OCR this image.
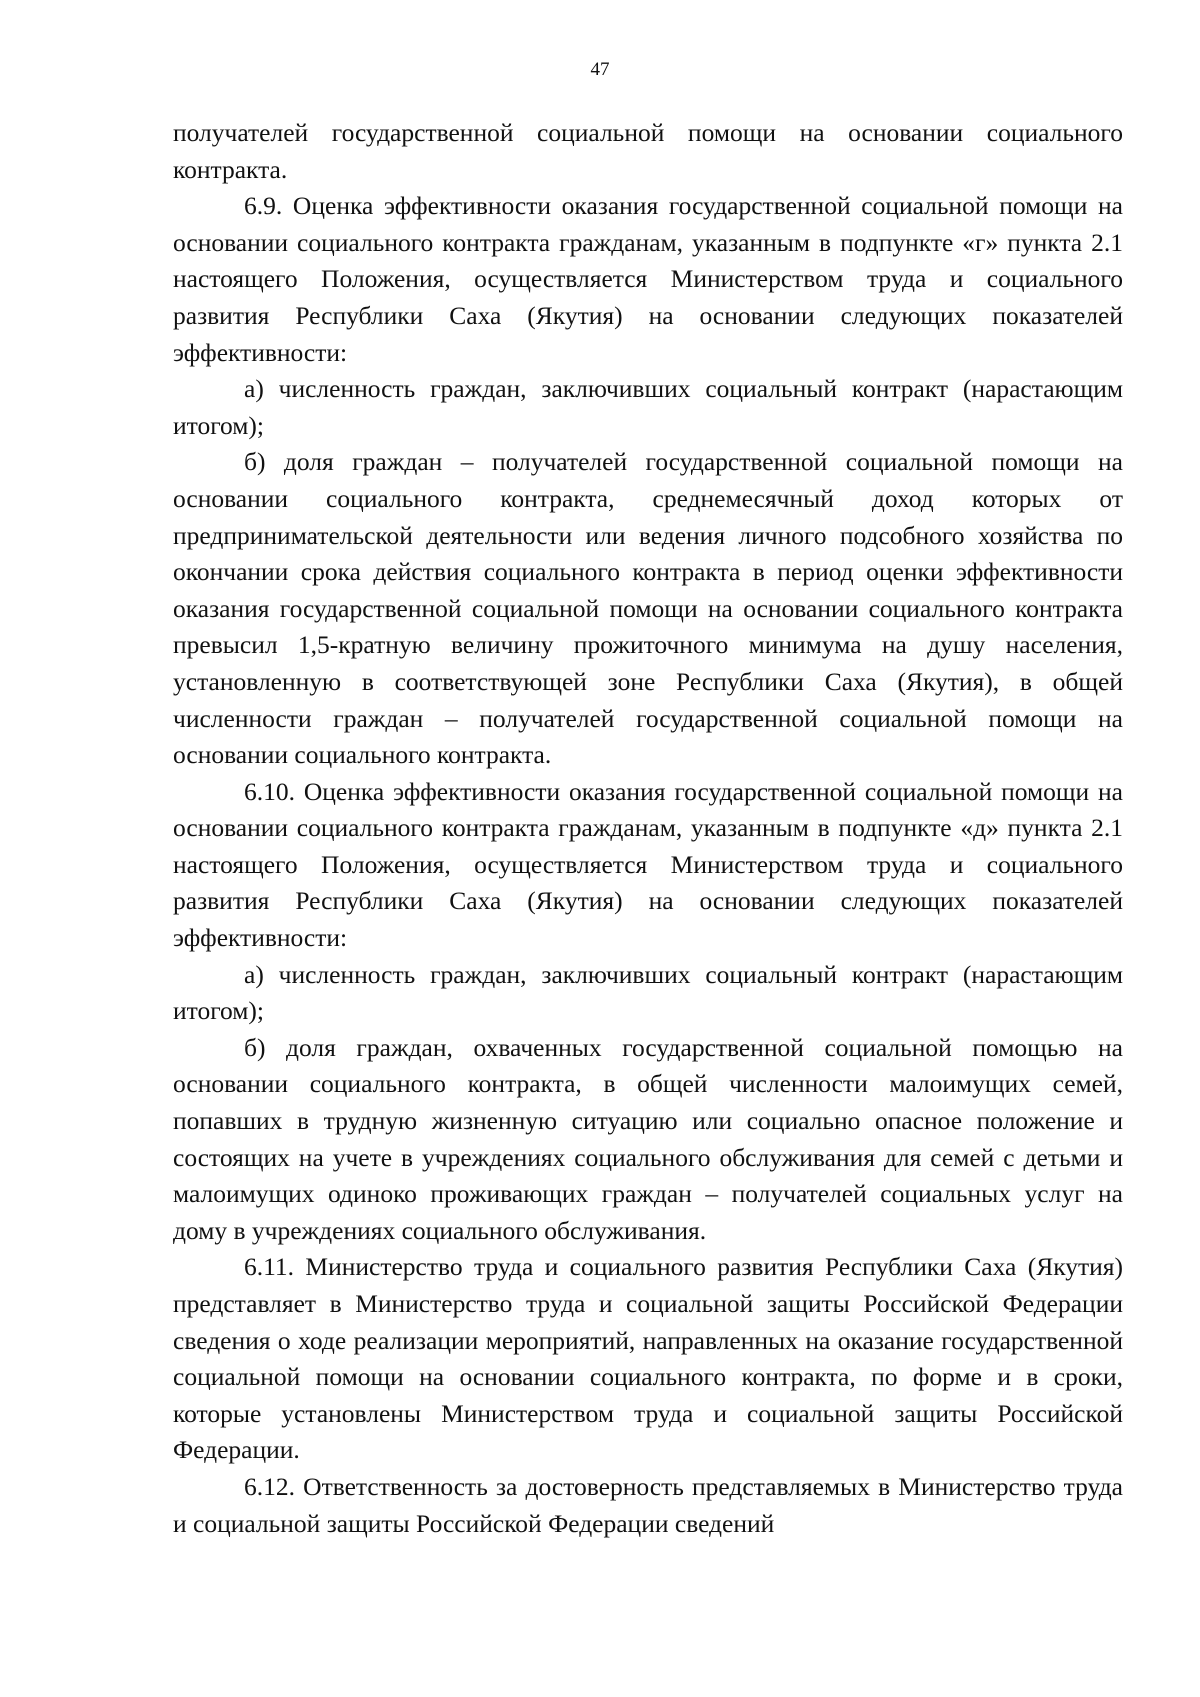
47

получателей государственной социальной помощи на основании социального контракта.

6.9. Оценка эффективности оказания государственной социальной помощи на основании социального контракта гражданам, указанным в подпункте «г» пункта 2.1 настоящего Положения, осуществляется Министерством труда и социального развития Республики Саха (Якутия) на основании следующих показателей эффективности:

а) численность граждан, заключивших социальный контракт (нарастающим итогом);

б) доля граждан – получателей государственной социальной помощи на основании социального контракта, среднемесячный доход которых от предпринимательской деятельности или ведения личного подсобного хозяйства по окончании срока действия социального контракта в период оценки эффективности оказания государственной социальной помощи на основании социального контракта превысил 1,5-кратную величину прожиточного минимума на душу населения, установленную в соответствующей зоне Республики Саха (Якутия), в общей численности граждан – получателей государственной социальной помощи на основании социального контракта.

6.10. Оценка эффективности оказания государственной социальной помощи на основании социального контракта гражданам, указанным в подпункте «д» пункта 2.1 настоящего Положения, осуществляется Министерством труда и социального развития Республики Саха (Якутия) на основании следующих показателей эффективности:

а) численность граждан, заключивших социальный контракт (нарастающим итогом);

б) доля граждан, охваченных государственной социальной помощью на основании социального контракта, в общей численности малоимущих семей, попавших в трудную жизненную ситуацию или социально опасное положение и состоящих на учете в учреждениях социального обслуживания для семей с детьми и малоимущих одиноко проживающих граждан – получателей социальных услуг на дому в учреждениях социального обслуживания.

6.11. Министерство труда и социального развития Республики Саха (Якутия) представляет в Министерство труда и социальной защиты Российской Федерации сведения о ходе реализации мероприятий, направленных на оказание государственной социальной помощи на основании социального контракта, по форме и в сроки, которые установлены Министерством труда и социальной защиты Российской Федерации.

6.12. Ответственность за достоверность представляемых в Министерство труда и социальной защиты Российской Федерации сведений
